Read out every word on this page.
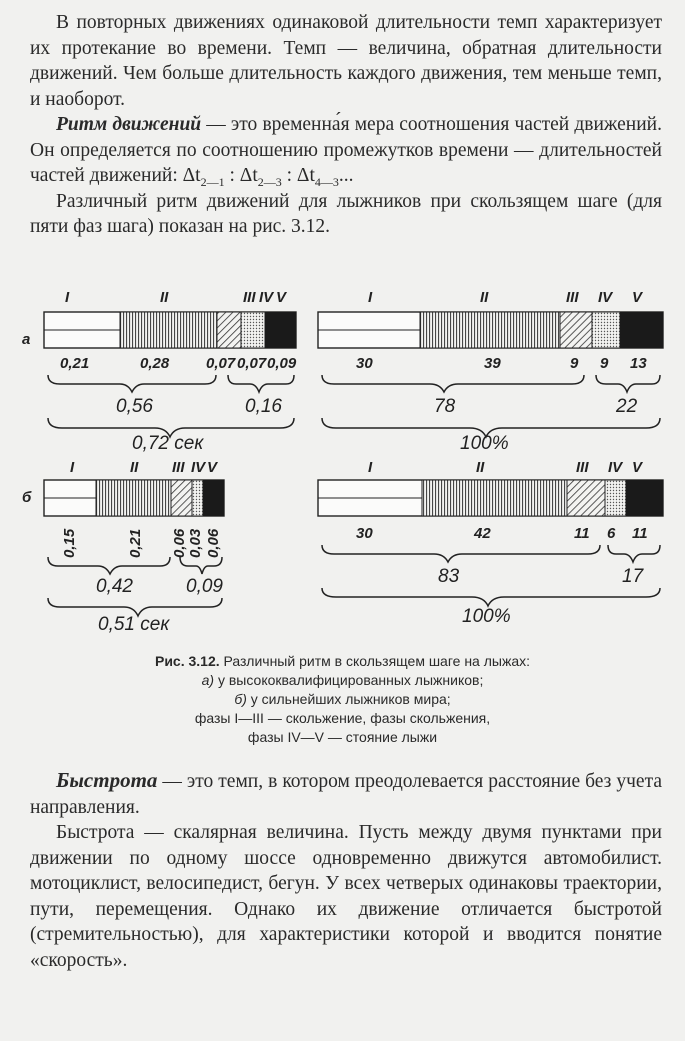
В повторных движениях одинаковой длительности темп характеризует их протекание во времени. Темп — величина, обратная длительности движений. Чем больше длительность каждого движения, тем меньше темп, и наоборот.

Ритм движений — это временна́я мера соотношения частей движений. Он определяется по соотношению промежутков времени — длительностей частей движений: $\Delta t_{2—1}$ : $\Delta t_{2—3}$ : $\Delta t_{4—3}$...

Различный ритм движений для лыжников при скользящем шаге (для пяти фаз шага) показан на рис. 3.12.

а
б
I	II	III IV V
0,21	0,28 0,07 0,07 0,09
0,56	0,16
0,72 сек
I	II	III IV V
30	39	9 9 13
78	22
100%
I	II III IV V
0,15	0,21 0,06 0,03 0,06
0,42	0,09
0,51 сек
I	II	III IV V
30	42	11 6 11
83	17
100%
Рис. 3.12. Различный ритм в скользящем шаге на лыжах:
а) у высококвалифицированных лыжников;
б) у сильнейших лыжников мира;
фазы I—III — скольжение, фазы скольжения,
фазы IV—V — стояние лыжи

Быстрота — это темп, в котором преодолевается расстояние без учета направления.

Быстрота — скалярная величина. Пусть между двумя пунктами при движении по одному шоссе одновременно движутся автомобилист. мотоциклист, велосипедист, бегун. У всех четверых одинаковы траектории, пути, перемещения. Однако их движение отличается быстротой (стремительностью), для характеристики которой и вводится понятие «скорость».
